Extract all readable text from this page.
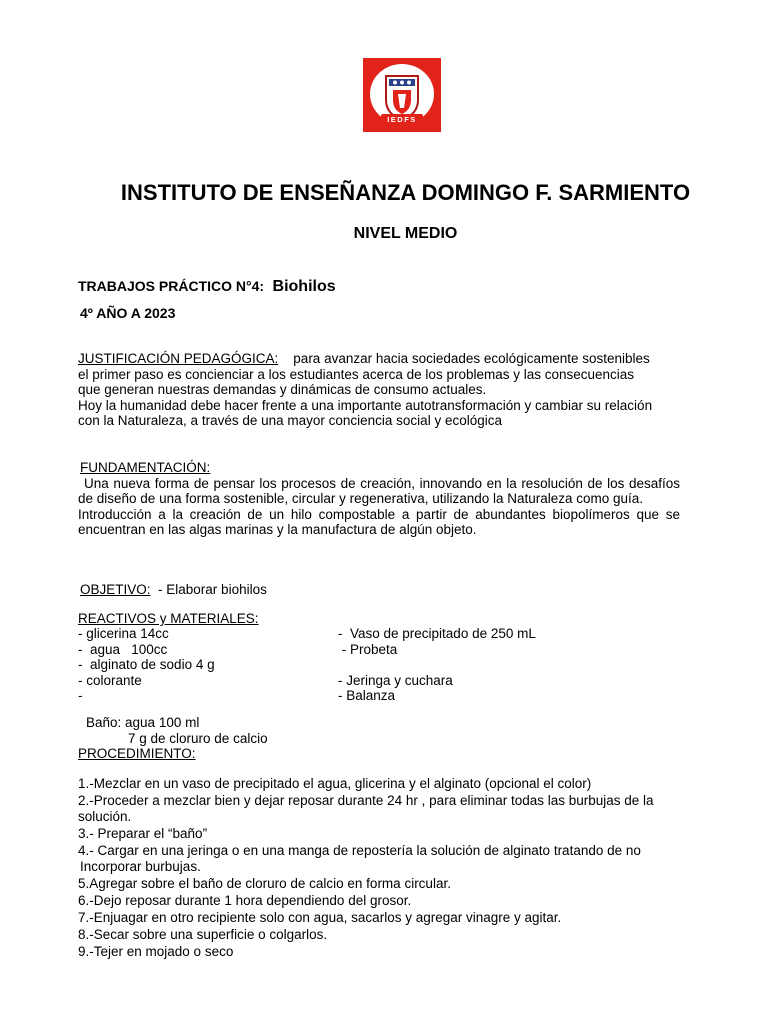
IEDFS
INSTITUTO DE ENSEÑANZA DOMINGO F. SARMIENTO
NIVEL MEDIO
TRABAJOS PRÁCTICO N°4: Biohilos
4º AÑO A 2023
JUSTIFICACIÓN PEDAGÓGICA: para avanzar hacia sociedades ecológicamente sostenibles
el primer paso es concienciar a los estudiantes acerca de los problemas y las consecuencias
que generan nuestras demandas y dinámicas de consumo actuales.
Hoy la humanidad debe hacer frente a una importante autotransformación y cambiar su relación
con la Naturaleza, a través de una mayor conciencia social y ecológica
FUNDAMENTACIÓN:
Una nueva forma de pensar los procesos de creación, innovando en la resolución de los desafíos de diseño de una forma sostenible, circular y regenerativa, utilizando la Naturaleza como guía.
Introducción a la creación de un hilo compostable a partir de abundantes biopolímeros que se encuentran en las algas marinas y la manufactura de algún objeto.
OBJETIVO: - Elaborar biohilos
REACTIVOS y MATERIALES:
- glicerina 14cc
-  agua   100cc
-  alginato de sodio 4 g
- colorante
-
-  Vaso de precipitado de 250 mL
- Probeta
- Jeringa y cuchara
- Balanza
Baño: agua 100 ml
7 g de cloruro de calcio
PROCEDIMIENTO:
1.-Mezclar en un vaso de precipitado el agua, glicerina y el alginato (opcional el color)
2.-Proceder a mezclar bien y dejar reposar durante 24 hr , para eliminar todas las burbujas de la solución.
3.- Preparar el “baño”
4.- Cargar en una jeringa o en una manga de repostería la solución de alginato tratando de no Incorporar burbujas.
5.Agregar sobre el baño de cloruro de calcio en forma circular.
6.-Dejo reposar durante 1 hora dependiendo del grosor.
7.-Enjuagar en otro recipiente solo con agua, sacarlos y agregar vinagre y agitar.
8.-Secar sobre una superficie o colgarlos.
9.-Tejer en mojado o seco
